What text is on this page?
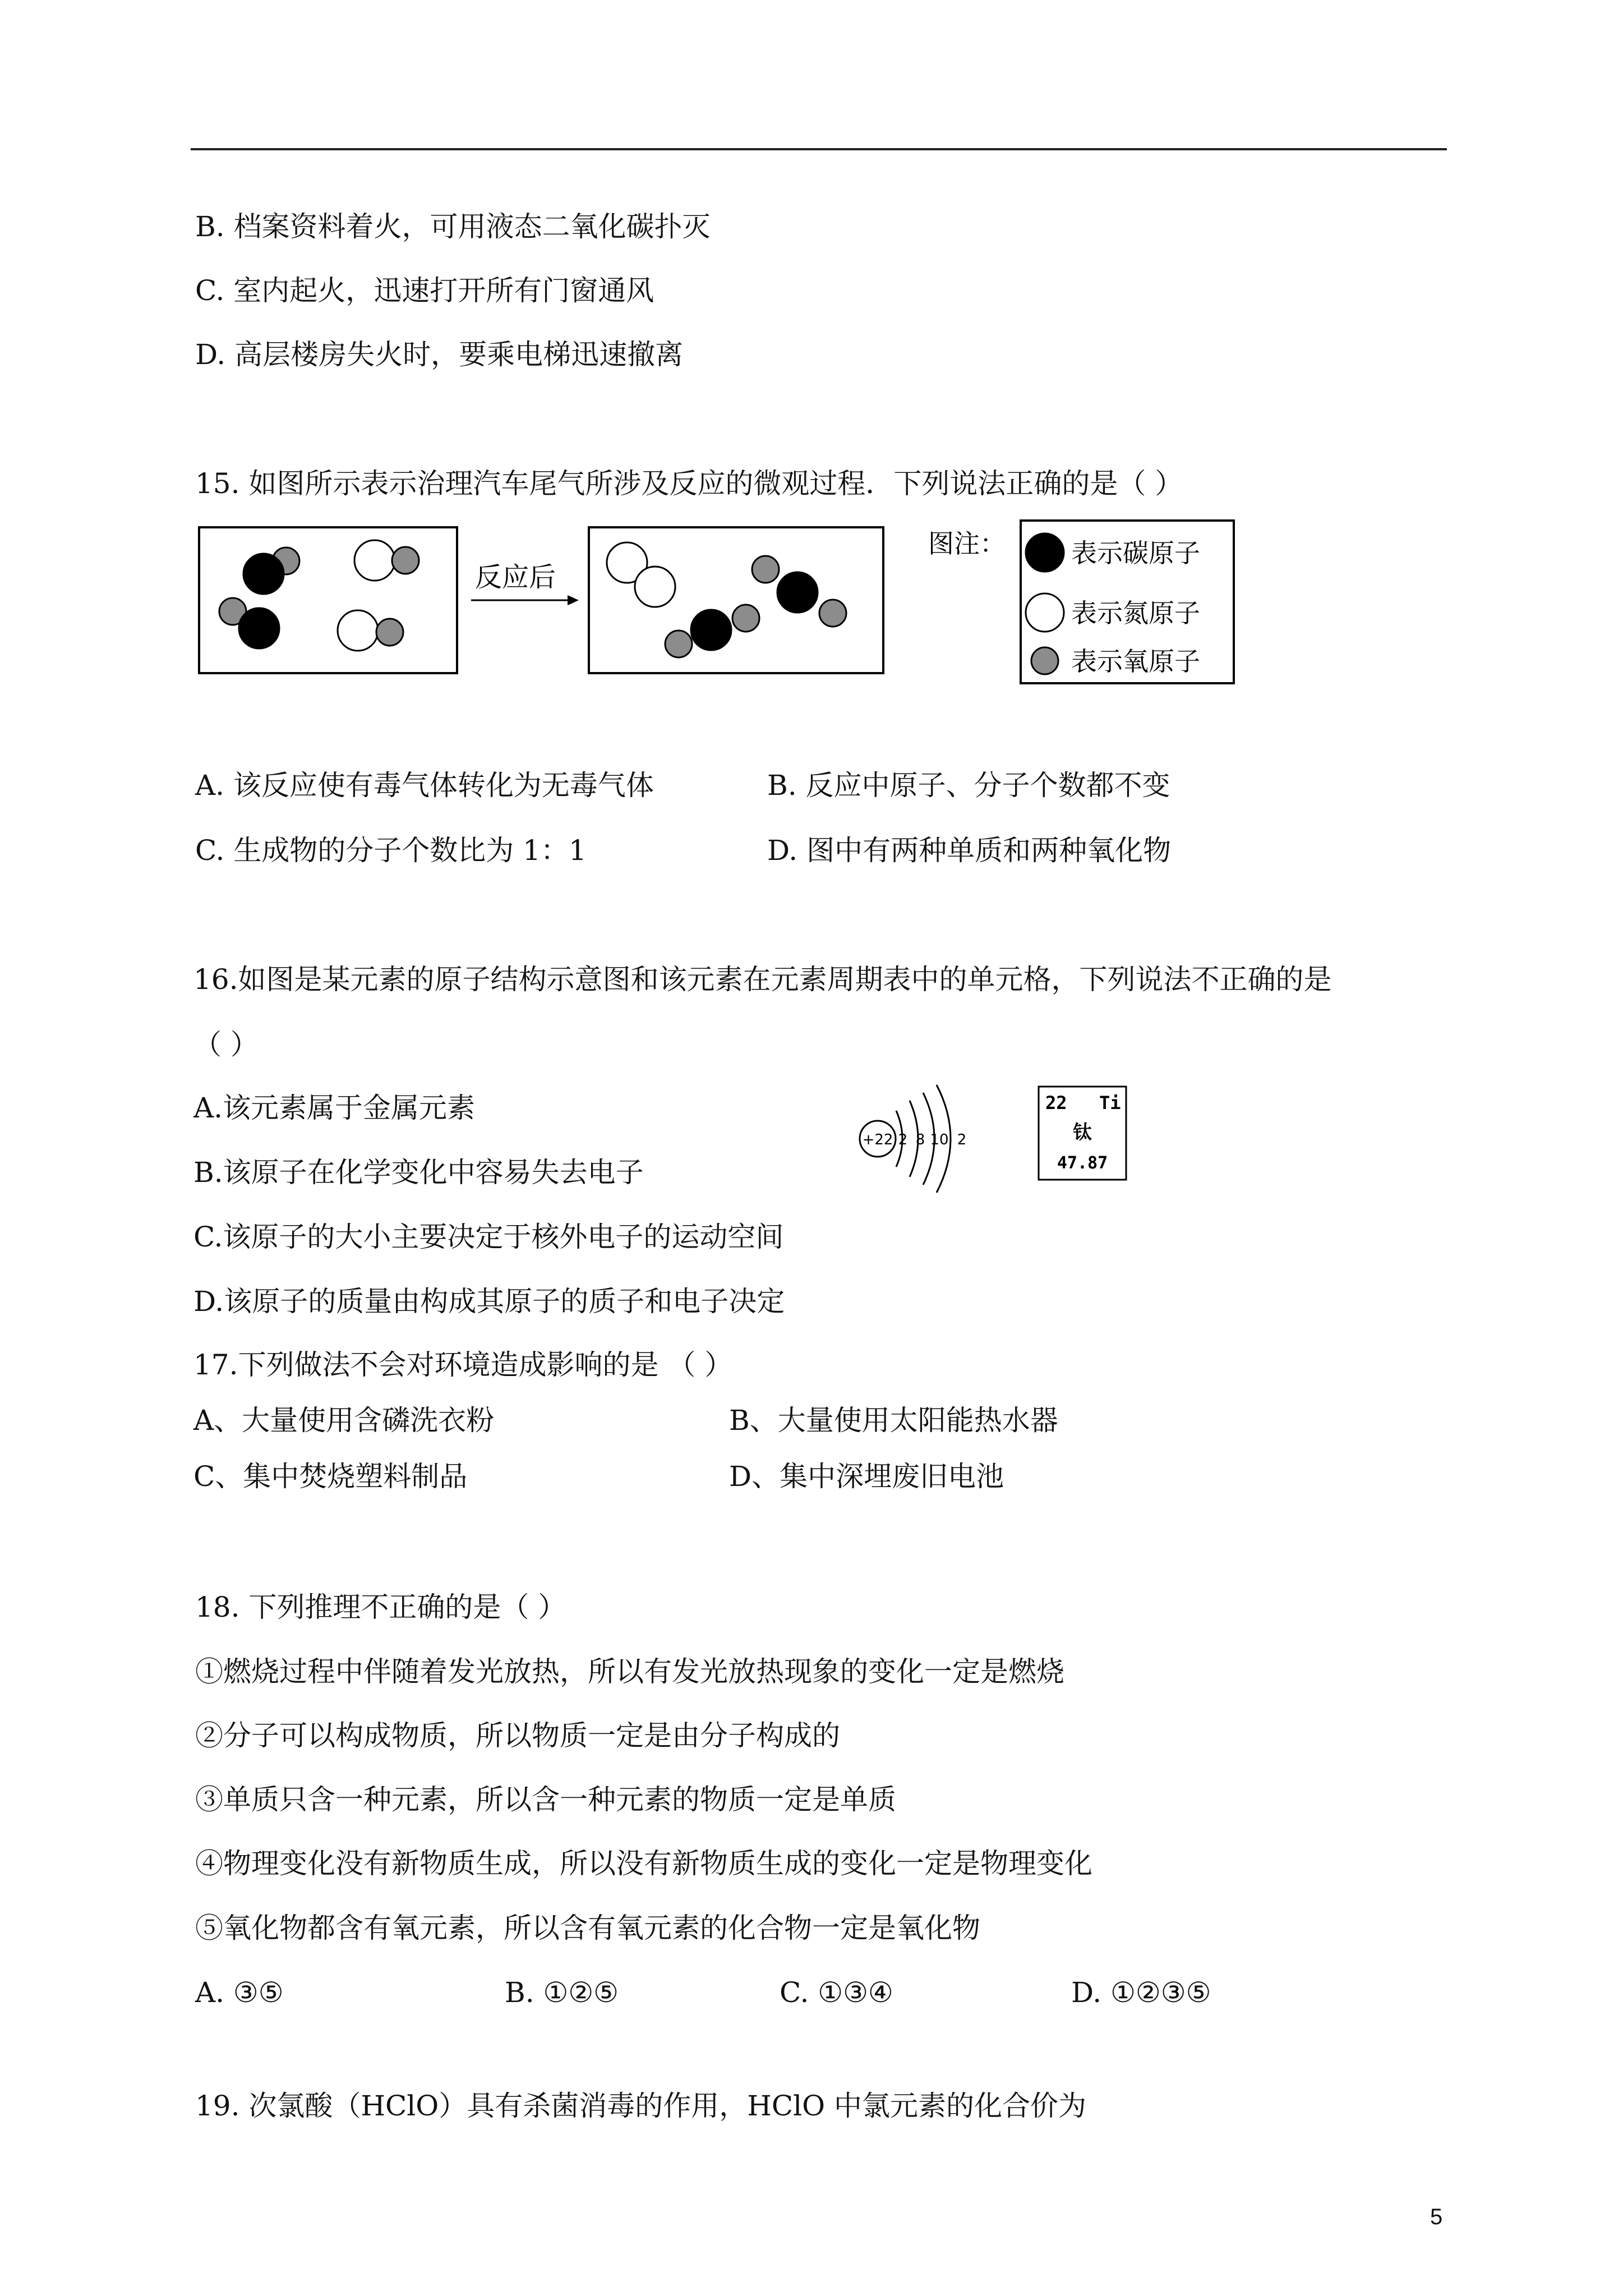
B. 档案资料着火，可用液态二氧化碳扑灭
C. 室内起火，迅速打开所有门窗通风
D. 高层楼房失火时，要乘电梯迅速撤离
15. 如图所示表示治理汽车尾气所涉及反应的微观过程．下列说法正确的是（ ）
反应后
图注：	表示碳原子
表示氮原子
表示氧原子
A. 该反应使有毒气体转化为无毒气体	B. 反应中原子、分子个数都不变
C. 生成物的分子个数比为 1：1	D. 图中有两种单质和两种氧化物
16.如图是某元素的原子结构示意图和该元素在元素周期表中的单元格，下列说法不正确的是
（ ）
A.该元素属于金属元素
B.该原子在化学变化中容易失去电子
C.该原子的大小主要决定于核外电子的运动空间
D.该原子的质量由构成其原子的质子和电子决定
+22 2 8 10 2
22 Ti
钛
47.87
17.下列做法不会对环境造成影响的是 （ ）
A、大量使用含磷洗衣粉	B、大量使用太阳能热水器
C、集中焚烧塑料制品	D、集中深埋废旧电池
18. 下列推理不正确的是（ ）
①燃烧过程中伴随着发光放热，所以有发光放热现象的变化一定是燃烧
②分子可以构成物质，所以物质一定是由分子构成的
③单质只含一种元素，所以含一种元素的物质一定是单质
④物理变化没有新物质生成，所以没有新物质生成的变化一定是物理变化
⑤氧化物都含有氧元素，所以含有氧元素的化合物一定是氧化物
A. ③⑤	B. ①②⑤	C. ①③④	D. ①②③⑤
19. 次氯酸（HClO）具有杀菌消毒的作用，HClO 中氯元素的化合价为
5
